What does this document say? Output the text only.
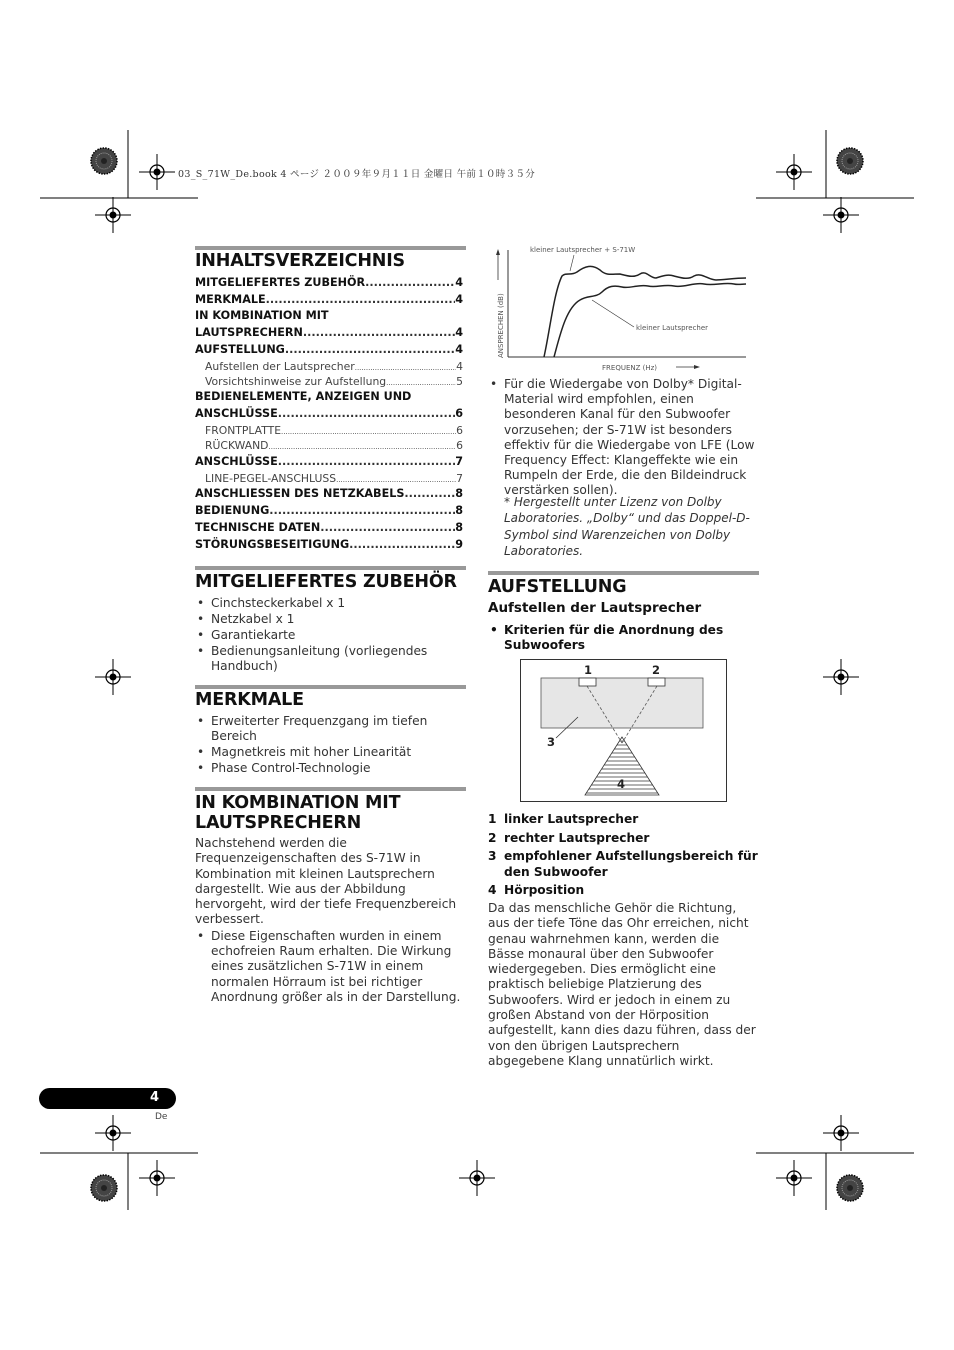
03_S_71W_De.book 4 ページ ２００９年９月１１日 金曜日 午前１０時３５分
INHALTSVERZEICHNIS
MITGELIEFERTES ZUBEHÖR .....	4
MERKMALE .....	4
IN KOMBINATION MIT
LAUTSPRECHERN .....	4
AUFSTELLUNG .....	4
Aufstellen der Lautsprecher .....	4
Vorsichtshinweise zur Aufstellung .....	5
BEDIENELEMENTE, ANZEIGEN UND
ANSCHLÜSSE .....	6
FRONTPLATTE .....	6
RÜCKWAND .....	6
ANSCHLÜSSE .....	7
LINE-PEGEL-ANSCHLUSS .....	7
ANSCHLIESSEN DES NETZKABELS .....	8
BEDIENUNG .....	8
TECHNISCHE DATEN .....	8
STÖRUNGSBESEITIGUNG .....	9
MITGELIEFERTES ZUBEHÖR
• Cinchsteckerkabel x 1
• Netzkabel x 1
• Garantiekarte
• Bedienungsanleitung (vorliegendes Handbuch)
MERKMALE
• Erweiterter Frequenzgang im tiefen Bereich
• Magnetkreis mit hoher Linearität
• Phase Control-Technologie
IN KOMBINATION MIT
LAUTSPRECHERN
Nachstehend werden die Frequenzeigenschaften des S-71W in Kombination mit kleinen Lautsprechern dargestellt. Wie aus der Abbildung hervorgeht, wird der tiefe Frequenzbereich verbessert.
• Diese Eigenschaften wurden in einem echofreien Raum erhalten. Die Wirkung eines zusätzlichen S-71W in einem normalen Hörraum ist bei richtiger Anordnung größer als in der Darstellung.
ANSPRECHEN (dB)
FREQUENZ (Hz)
kleiner Lautsprecher + S-71W
kleiner Lautsprecher
• Für die Wiedergabe von Dolby* Digital-Material wird empfohlen, einen besonderen Kanal für den Subwoofer vorzusehen; der S-71W ist besonders effektiv für die Wiedergabe von LFE (Low Frequency Effect: Klangeffekte wie ein Rumpeln der Erde, die den Bildeindruck verstärken sollen).
* Hergestellt unter Lizenz von Dolby Laboratories. „Dolby“ und das Doppel-D-Symbol sind Warenzeichen von Dolby Laboratories.
AUFSTELLUNG
Aufstellen der Lautsprecher
• Kriterien für die Anordnung des Subwoofers
1	2
3
4
1 linker Lautsprecher
2 rechter Lautsprecher
3 empfohlener Aufstellungsbereich für den Subwoofer
4 Hörposition
Da das menschliche Gehör die Richtung, aus der tiefe Töne das Ohr erreichen, nicht genau wahrnehmen kann, werden die Bässe monaural über den Subwoofer wiedergegeben. Dies ermöglicht eine praktisch beliebige Platzierung des Subwoofers. Wird er jedoch in einem zu großen Abstand von der Hörposition aufgestellt, kann dies dazu führen, dass der von den übrigen Lautsprechern abgegebene Klang unnatürlich wirkt.
4
De
